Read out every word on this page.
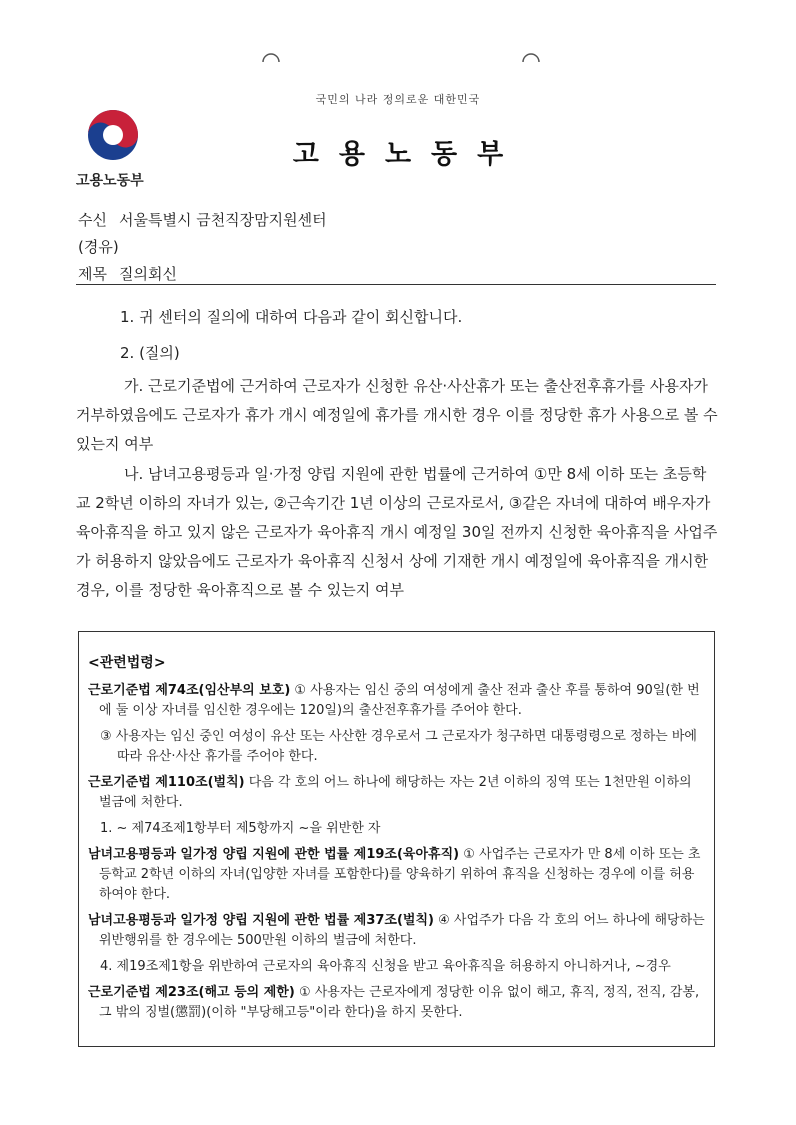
국민의 나라 정의로운 대한민국
고용노동부
고용노동부
수신 서울특별시 금천직장맘지원센터
(경유)
제목 질의회신
1. 귀 센터의 질의에 대하여 다음과 같이 회신합니다.
2. (질의)
가. 근로기준법에 근거하여 근로자가 신청한 유산·사산휴가 또는 출산전후휴가를 사용자가 거부하였음에도 근로자가 휴가 개시 예정일에 휴가를 개시한 경우 이를 정당한 휴가 사용으로 볼 수 있는지 여부
나. 남녀고용평등과 일·가정 양립 지원에 관한 법률에 근거하여 ①만 8세 이하 또는 초등학교 2학년 이하의 자녀가 있는, ②근속기간 1년 이상의 근로자로서, ③같은 자녀에 대하여 배우자가 육아휴직을 하고 있지 않은 근로자가 육아휴직 개시 예정일 30일 전까지 신청한 육아휴직을 사업주가 허용하지 않았음에도 근로자가 육아휴직 신청서 상에 기재한 개시 예정일에 육아휴직을 개시한 경우, 이를 정당한 육아휴직으로 볼 수 있는지 여부
<관련법령>
근로기준법 제74조(임산부의 보호) ① 사용자는 임신 중의 여성에게 출산 전과 출산 후를 통하여 90일(한 번에 둘 이상 자녀를 임신한 경우에는 120일)의 출산전후휴가를 주어야 한다.
③ 사용자는 임신 중인 여성이 유산 또는 사산한 경우로서 그 근로자가 청구하면 대통령령으로 정하는 바에 따라 유산·사산 휴가를 주어야 한다.
근로기준법 제110조(벌칙) 다음 각 호의 어느 하나에 해당하는 자는 2년 이하의 징역 또는 1천만원 이하의 벌금에 처한다.
1. ~ 제74조제1항부터 제5항까지 ~을 위반한 자
남녀고용평등과 일가정 양립 지원에 관한 법률 제19조(육아휴직) ① 사업주는 근로자가 만 8세 이하 또는 초등학교 2학년 이하의 자녀(입양한 자녀를 포함한다)를 양육하기 위하여 휴직을 신청하는 경우에 이를 허용하여야 한다.
남녀고용평등과 일가정 양립 지원에 관한 법률 제37조(벌칙) ④ 사업주가 다음 각 호의 어느 하나에 해당하는 위반행위를 한 경우에는 500만원 이하의 벌금에 처한다.
4. 제19조제1항을 위반하여 근로자의 육아휴직 신청을 받고 육아휴직을 허용하지 아니하거나, ~경우
근로기준법 제23조(해고 등의 제한) ① 사용자는 근로자에게 정당한 이유 없이 해고, 휴직, 정직, 전직, 감봉, 그 밖의 징벌(懲罰)(이하 "부당해고등"이라 한다)을 하지 못한다.
